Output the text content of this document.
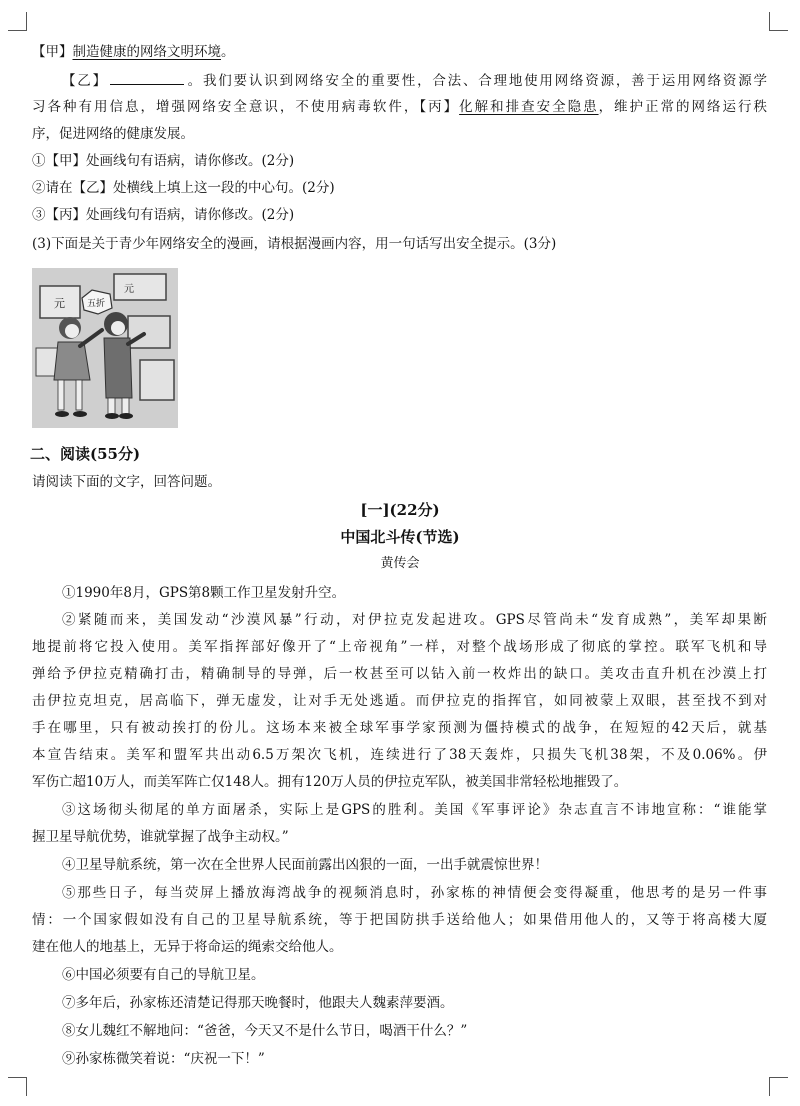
【甲】制造健康的网络文明环境。
【乙】	。我们要认识到网络安全的重要性，合法、合理地使用网络资源，善于运用网络资源学
习各种有用信息，增强网络安全意识，不使用病毒软件，【丙】化解和排查安全隐患，维护正常的网络运行秩
序，促进网络的健康发展。
①【甲】处画线句有语病，请你修改。(2分)
②请在【乙】处横线上填上这一段的中心句。(2分)
③【丙】处画线句有语病，请你修改。(2分)
(3)下面是关于青少年网络安全的漫画，请根据漫画内容，用一句话写出安全提示。(3分)
元
元
五折
二、阅读(55分)
请阅读下面的文字，回答问题。
[一](22分)
中国北斗传(节选)
黄传会
①1990年8月，GPS第8颗工作卫星发射升空。
②紧随而来，美国发动“沙漠风暴”行动，对伊拉克发起进攻。GPS尽管尚未“发育成熟”，美军却果断
地提前将它投入使用。美军指挥部好像开了“上帝视角”一样，对整个战场形成了彻底的掌控。联军飞机和导
弹给予伊拉克精确打击，精确制导的导弹，后一枚甚至可以钻入前一枚炸出的缺口。美攻击直升机在沙漠上打
击伊拉克坦克，居高临下，弹无虚发，让对手无处逃遁。而伊拉克的指挥官，如同被蒙上双眼，甚至找不到对
手在哪里，只有被动挨打的份儿。这场本来被全球军事学家预测为僵持模式的战争，在短短的42天后，就基
本宣告结束。美军和盟军共出动6.5万架次飞机，连续进行了38天轰炸，只损失飞机38架，不及0.06%。伊
军伤亡超10万人，而美军阵亡仅148人。拥有120万人员的伊拉克军队，被美国非常轻松地摧毁了。
③这场彻头彻尾的单方面屠杀，实际上是GPS的胜利。美国《军事评论》杂志直言不讳地宣称：“谁能掌
握卫星导航优势，谁就掌握了战争主动权。”
④卫星导航系统，第一次在全世界人民面前露出凶狠的一面，一出手就震惊世界！
⑤那些日子，每当荧屏上播放海湾战争的视频消息时，孙家栋的神情便会变得凝重，他思考的是另一件事
情：一个国家假如没有自己的卫星导航系统，等于把国防拱手送给他人；如果借用他人的，又等于将高楼大厦
建在他人的地基上，无异于将命运的绳索交给他人。
⑥中国必须要有自己的导航卫星。
⑦多年后，孙家栋还清楚记得那天晚餐时，他跟夫人魏素萍要酒。
⑧女儿魏红不解地问：“爸爸，今天又不是什么节日，喝酒干什么？”
⑨孙家栋微笑着说：“庆祝一下！”
